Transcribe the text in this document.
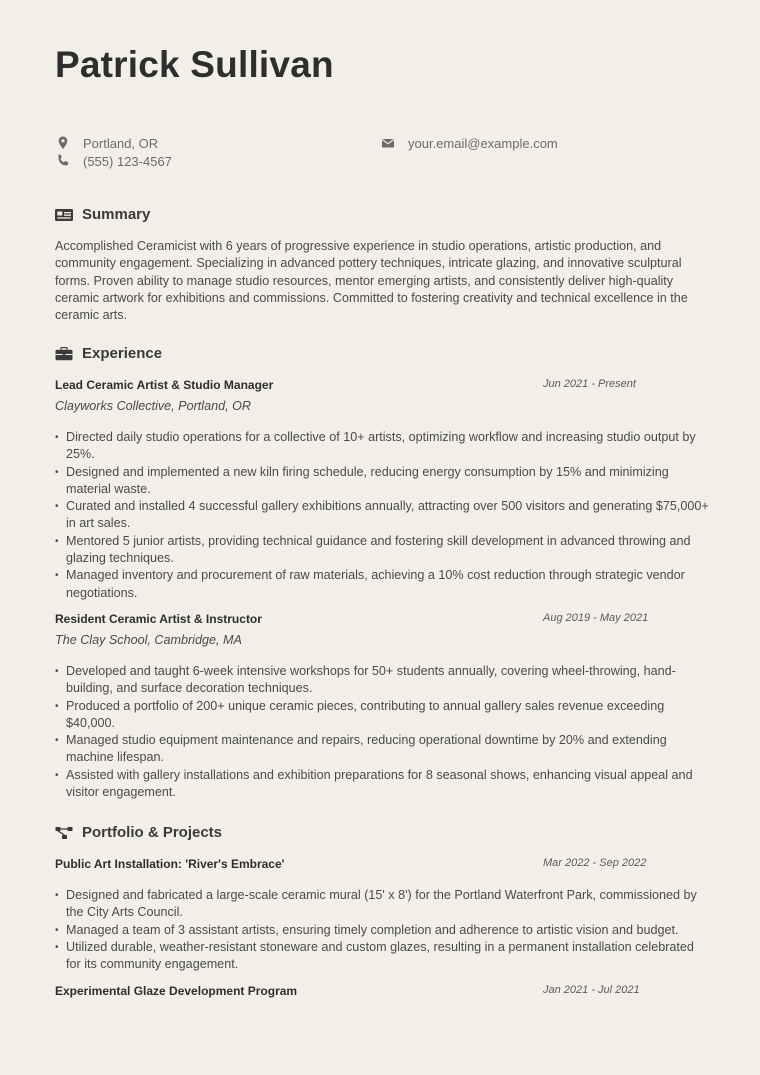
Patrick Sullivan
Portland, OR
(555) 123-4567
your.email@example.com
Summary

Accomplished Ceramicist with 6 years of progressive experience in studio operations, artistic production, and community engagement. Specializing in advanced pottery techniques, intricate glazing, and innovative sculptural forms. Proven ability to manage studio resources, mentor emerging artists, and consistently deliver high-quality ceramic artwork for exhibitions and commissions. Committed to fostering creativity and technical excellence in the ceramic arts.

Experience
Lead Ceramic Artist & Studio Manager	Jun 2021 - Present
Clayworks Collective, Portland, OR
• Directed daily studio operations for a collective of 10+ artists, optimizing workflow and increasing studio output by 25%.
• Designed and implemented a new kiln firing schedule, reducing energy consumption by 15% and minimizing material waste.
• Curated and installed 4 successful gallery exhibitions annually, attracting over 500 visitors and generating $75,000+ in art sales.
• Mentored 5 junior artists, providing technical guidance and fostering skill development in advanced throwing and glazing techniques.
• Managed inventory and procurement of raw materials, achieving a 10% cost reduction through strategic vendor negotiations.
Resident Ceramic Artist & Instructor	Aug 2019 - May 2021
The Clay School, Cambridge, MA
• Developed and taught 6-week intensive workshops for 50+ students annually, covering wheel-throwing, hand-building, and surface decoration techniques.
• Produced a portfolio of 200+ unique ceramic pieces, contributing to annual gallery sales revenue exceeding $40,000.
• Managed studio equipment maintenance and repairs, reducing operational downtime by 20% and extending machine lifespan.
• Assisted with gallery installations and exhibition preparations for 8 seasonal shows, enhancing visual appeal and visitor engagement.
Portfolio & Projects
Public Art Installation: 'River's Embrace'	Mar 2022 - Sep 2022
• Designed and fabricated a large-scale ceramic mural (15' x 8') for the Portland Waterfront Park, commissioned by the City Arts Council.
• Managed a team of 3 assistant artists, ensuring timely completion and adherence to artistic vision and budget.
• Utilized durable, weather-resistant stoneware and custom glazes, resulting in a permanent installation celebrated for its community engagement.
Experimental Glaze Development Program	Jan 2021 - Jul 2021
